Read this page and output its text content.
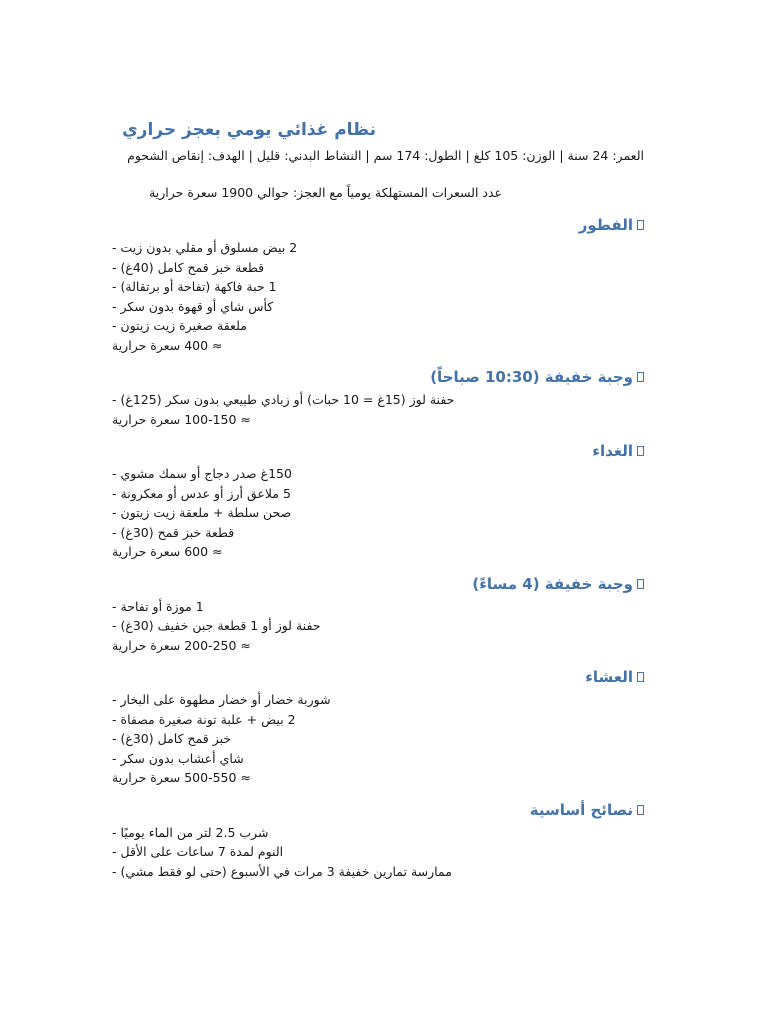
نظام غذائي يومي بعجز حراري
العمر: 24 سنة | الوزن: 105 كلغ | الطول: 174 سم | النشاط البدني: قليل | الهدف: إنقاص الشحوم
عدد السعرات المستهلكة يومياً مع العجز: حوالي 1900 سعرة حرارية
الفطور
2 بيض مسلوق أو مقلي بدون زيت
-
قطعة خبز قمح كامل (40غ)
-
1 حبة فاكهة (تفاحة أو برتقالة)
-
كأس شاي أو قهوة بدون سكر
-
ملعقة صغيرة زيت زيتون
-
≈ 400 سعرة حرارية
وجبة خفيفة (10:30 صباحاً)
حفنة لوز (15غ = 10 حبات) أو زبادي طبيعي بدون سكر (125غ)
-
≈ 100-150 سعرة حرارية
الغداء
150غ صدر دجاج أو سمك مشوي
-
5 ملاعق أرز أو عدس أو معكرونة
-
صحن سلطة + ملعقة زيت زيتون
-
قطعة خبز قمح (30غ)
-
≈ 600 سعرة حرارية
وجبة خفيفة (4 مساءً)
1 موزة أو تفاحة
-
حفنة لوز أو 1 قطعة جبن خفيف (30غ)
-
≈ 200-250 سعرة حرارية
العشاء
شوربة خضار أو خضار مطهوة على البخار
-
2 بيض + علبة تونة صغيرة مصفاة
-
خبز قمح كامل (30غ)
-
شاي أعشاب بدون سكر
-
≈ 500-550 سعرة حرارية
نصائح أساسية
شرب 2.5 لتر من الماء يوميًا
-
النوم لمدة 7 ساعات على الأقل
-
ممارسة تمارين خفيفة 3 مرات في الأسبوع (حتى لو فقط مشي)
-
